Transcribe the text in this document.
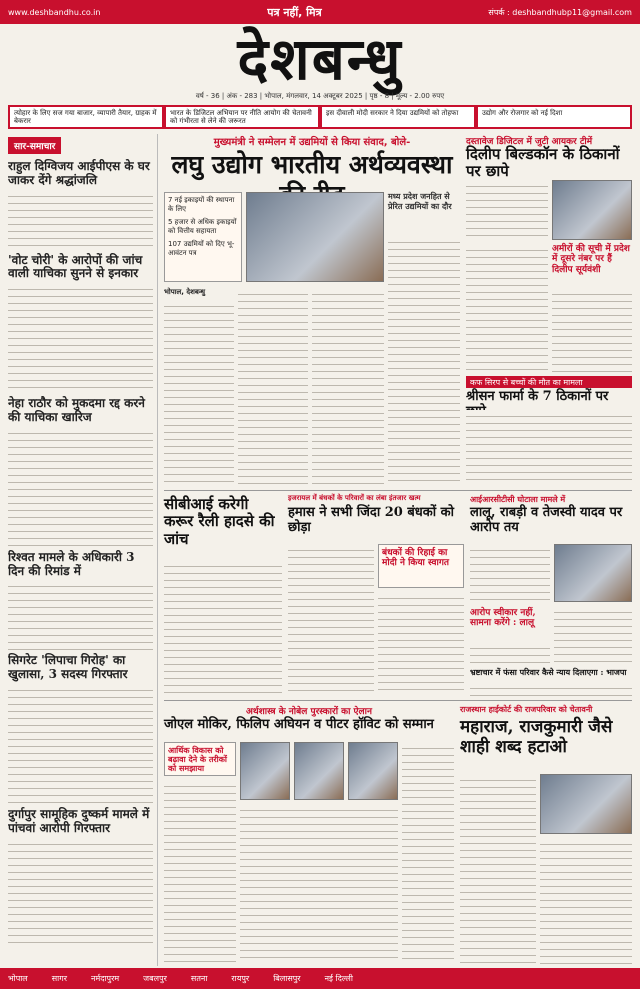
www.deshbandhu.co.in	पत्र नहीं, मित्र	संपर्क : deshbandhubp11@gmail.com
देशबन्धु
वर्ष - 36 | अंक - 283 | भोपाल, मंगलवार, 14 अक्टूबर 2025 | पृष्ठ - 8 | मूल्य - 2.00 रुपए
त्योहार के लिए सज गया बाजार, व्यापारी तैयार, ग्राहक में बेकरार
भारत के डिजिटल अभियान पर नीति आयोग की चेतावनी को गंभीरता से लेने की जरूरत
इस दीवाली मोदी सरकार ने दिया उद्यमियों को ताेहफा	उद्योग और रोजगार को नई दिशा
सार-समाचार
राहुल दिग्विजय आईपीएस के घर जाकर देंगे श्रद्धांजलि
'वोट चोरी' के आरोपों की जांच वाली याचिका सुनने से इनकार
नेहा राठौर को मुकदमा रद्द करने की याचिका खारिज
रिश्वत मामले के अधिकारी 3 दिन की रिमांड में
सिगरेट 'लिपाचा गिरोह' का खुलासा, 3 सदस्य गिरफ्तार
दुर्गापुर सामूहिक दुष्कर्म मामले में पांचवां आरोपी गिरफ्तार
मुख्यमंत्री ने सम्मेलन में उद्यमियों से किया संवाद, बोले-
लघु उद्योग भारतीय अर्थव्यवस्था
7 नई इकाइयों की स्थापना के लिए
5 हजार से अधिक इकाइयों को वित्तीय सहायता
107 उद्यमियों को दिए भू-आवंटन पत्र
मध्य प्रदेश जनहित से प्रेरित उद्यमियों का दौर
भोपाल, देशबन्धु
दस्तावेज डिजिटल में जुटी आयकर टीमें
दिलीप बिल्डकॉन के ठिकानों पर छापे
अमीरों की सूची में प्रदेश में दूसरे नंबर पर हैं दिलीप सूर्यवंशी
कफ सिरप से बच्चों की मौत का मामला
श्रीसन फार्मा के 7 ठिकानों पर
सीबीआई करेगी करूर रैली हादसे की जांच
इजरायल में बंधकों के परिवारों का लंबा इंतजार खत्म
हमास ने सभी जिंदा 20 बंधकों को छोड़ा
बंधकों की रिहाई का मोदी ने किया स्वागत
आईआरसीटीसी घोटाला मामले में
लालू, राबड़ी व तेजस्वी यादव पर आरोप तय
आरोप स्वीकार नहीं, सामना करेंगे : लालू
भ्रष्टाचार में फंसा परिवार कैसे न्याय दिलाएगा : भाजपा
अर्थशास्त्र के नोबेल पुरस्कारों का ऐलान
जोएल मोकिर, फिलिप अघियन व पीटर हॉविट को सम्मान
आर्थिक विकास को बढ़ावा देने के तरीकों को समझाया
राजस्थान हाईकोर्ट की राजपरिवार को चेतावनी
महाराज, राजकुमारी जैसे शाही शब्द हटाओ
भोपाल	सागर	नर्मदापुरम	जबलपुर	सतना	रायपुर	बिलासपुर	नई दिल्ली
